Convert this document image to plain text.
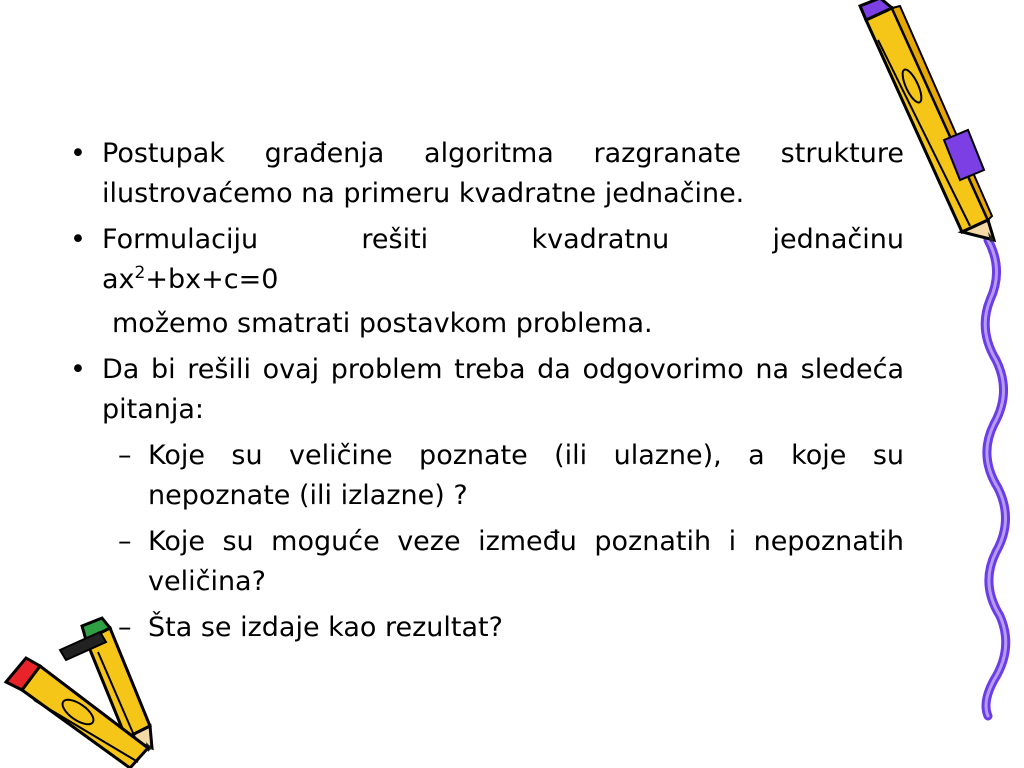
• Postupak građenja algoritma razgranate strukture ilustrovaćemo na primeru kvadratne jednačine.
• Formulaciju rešiti kvadratnu jednačinu
$ax^2+bx+c=0$
možemo smatrati postavkom problema.
• Da bi rešili ovaj problem treba da odgovorimo na sledeća pitanja:
– Koje su veličine poznate (ili ulazne), a koje su nepoznate (ili izlazne) ?
– Koje su moguće veze između poznatih i nepoznatih veličina?
– Šta se izdaje kao rezultat?
